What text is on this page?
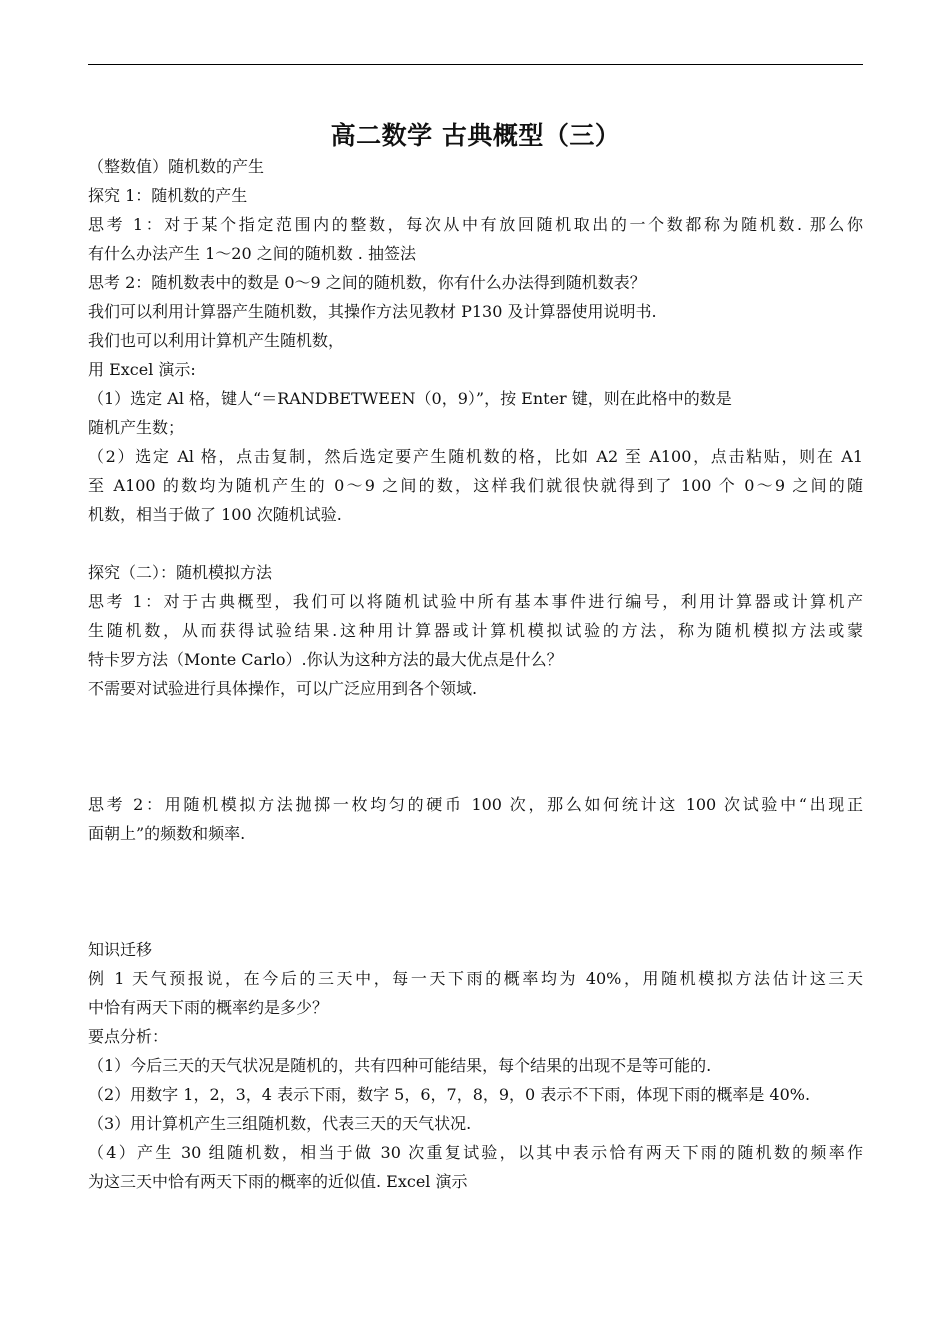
高二数学 古典概型（三）
（整数值）随机数的产生
探究 1：随机数的产生
思考 1：对于某个指定范围内的整数，每次从中有放回随机取出的一个数都称为随机数. 那么你
有什么办法产生 1～20 之间的随机数 . 抽签法
思考 2：随机数表中的数是 0～9 之间的随机数，你有什么办法得到随机数表？
我们可以利用计算器产生随机数，其操作方法见教材 P130 及计算器使用说明书.
我们也可以利用计算机产生随机数，
用 Excel 演示:
（1）选定 Al 格，键人“＝RANDBETWEEN（0，9）”，按 Enter 键，则在此格中的数是
随机产生数；
（2）选定 Al 格，点击复制，然后选定要产生随机数的格，比如 A2 至 A100，点击粘贴，则在 A1
至 A100 的数均为随机产生的 0～9 之间的数，这样我们就很快就得到了 100 个 0～9 之间的随
机数，相当于做了 100 次随机试验.
探究（二）：随机模拟方法
思考 1：对于古典概型，我们可以将随机试验中所有基本事件进行编号，利用计算器或计算机产
生随机数，从而获得试验结果.这种用计算器或计算机模拟试验的方法，称为随机模拟方法或蒙
特卡罗方法（Monte Carlo）.你认为这种方法的最大优点是什么？
不需要对试验进行具体操作，可以广泛应用到各个领域.
思考 2：用随机模拟方法抛掷一枚均匀的硬币 100 次，那么如何统计这 100 次试验中“出现正
面朝上”的频数和频率.
知识迁移
例 1 天气预报说，在今后的三天中，每一天下雨的概率均为 40%，用随机模拟方法估计这三天
中恰有两天下雨的概率约是多少？
要点分析：
（1）今后三天的天气状况是随机的，共有四种可能结果，每个结果的出现不是等可能的.
（2）用数字 1，2，3，4 表示下雨，数字 5，6，7，8，9，0 表示不下雨，体现下雨的概率是 40%.
（3）用计算机产生三组随机数，代表三天的天气状况.
（4）产生 30 组随机数，相当于做 30 次重复试验，以其中表示恰有两天下雨的随机数的频率作
为这三天中恰有两天下雨的概率的近似值. Excel 演示
